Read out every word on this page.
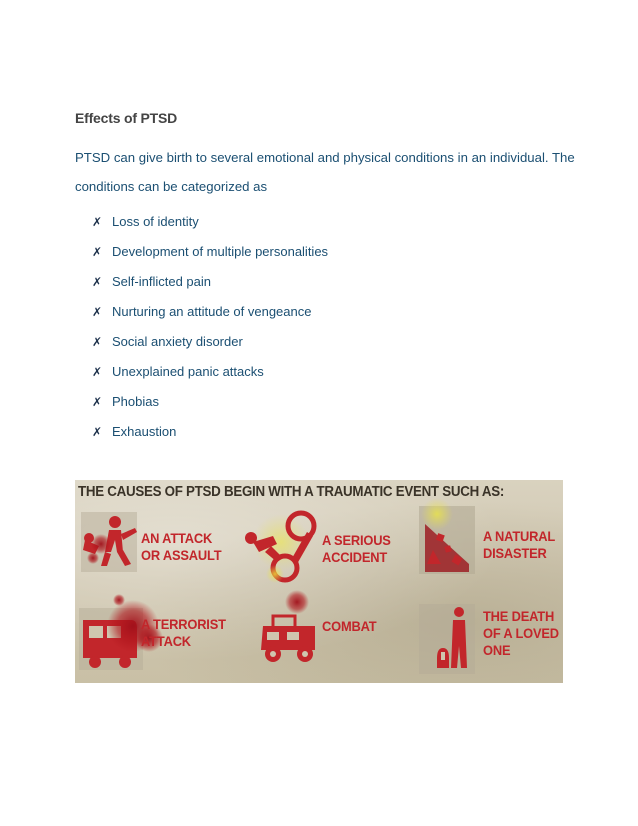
Effects of PTSD

PTSD can give birth to several emotional and physical conditions in an individual. The

conditions can be categorized as

✗ Loss of identity
✗ Development of multiple personalities
✗ Self-inflicted pain
✗ Nurturing an attitude of vengeance
✗ Social anxiety disorder
✗ Unexplained panic attacks
✗ Phobias
✗ Exhaustion
THE CAUSES OF PTSD BEGIN WITH A TRAUMATIC EVENT SUCH AS:
AN ATTACK
OR ASSAULT
A SERIOUS
ACCIDENT
A NATURAL
DISASTER
A TERRORIST
ATTACK
COMBAT
THE DEATH
OF A LOVED
ONE
